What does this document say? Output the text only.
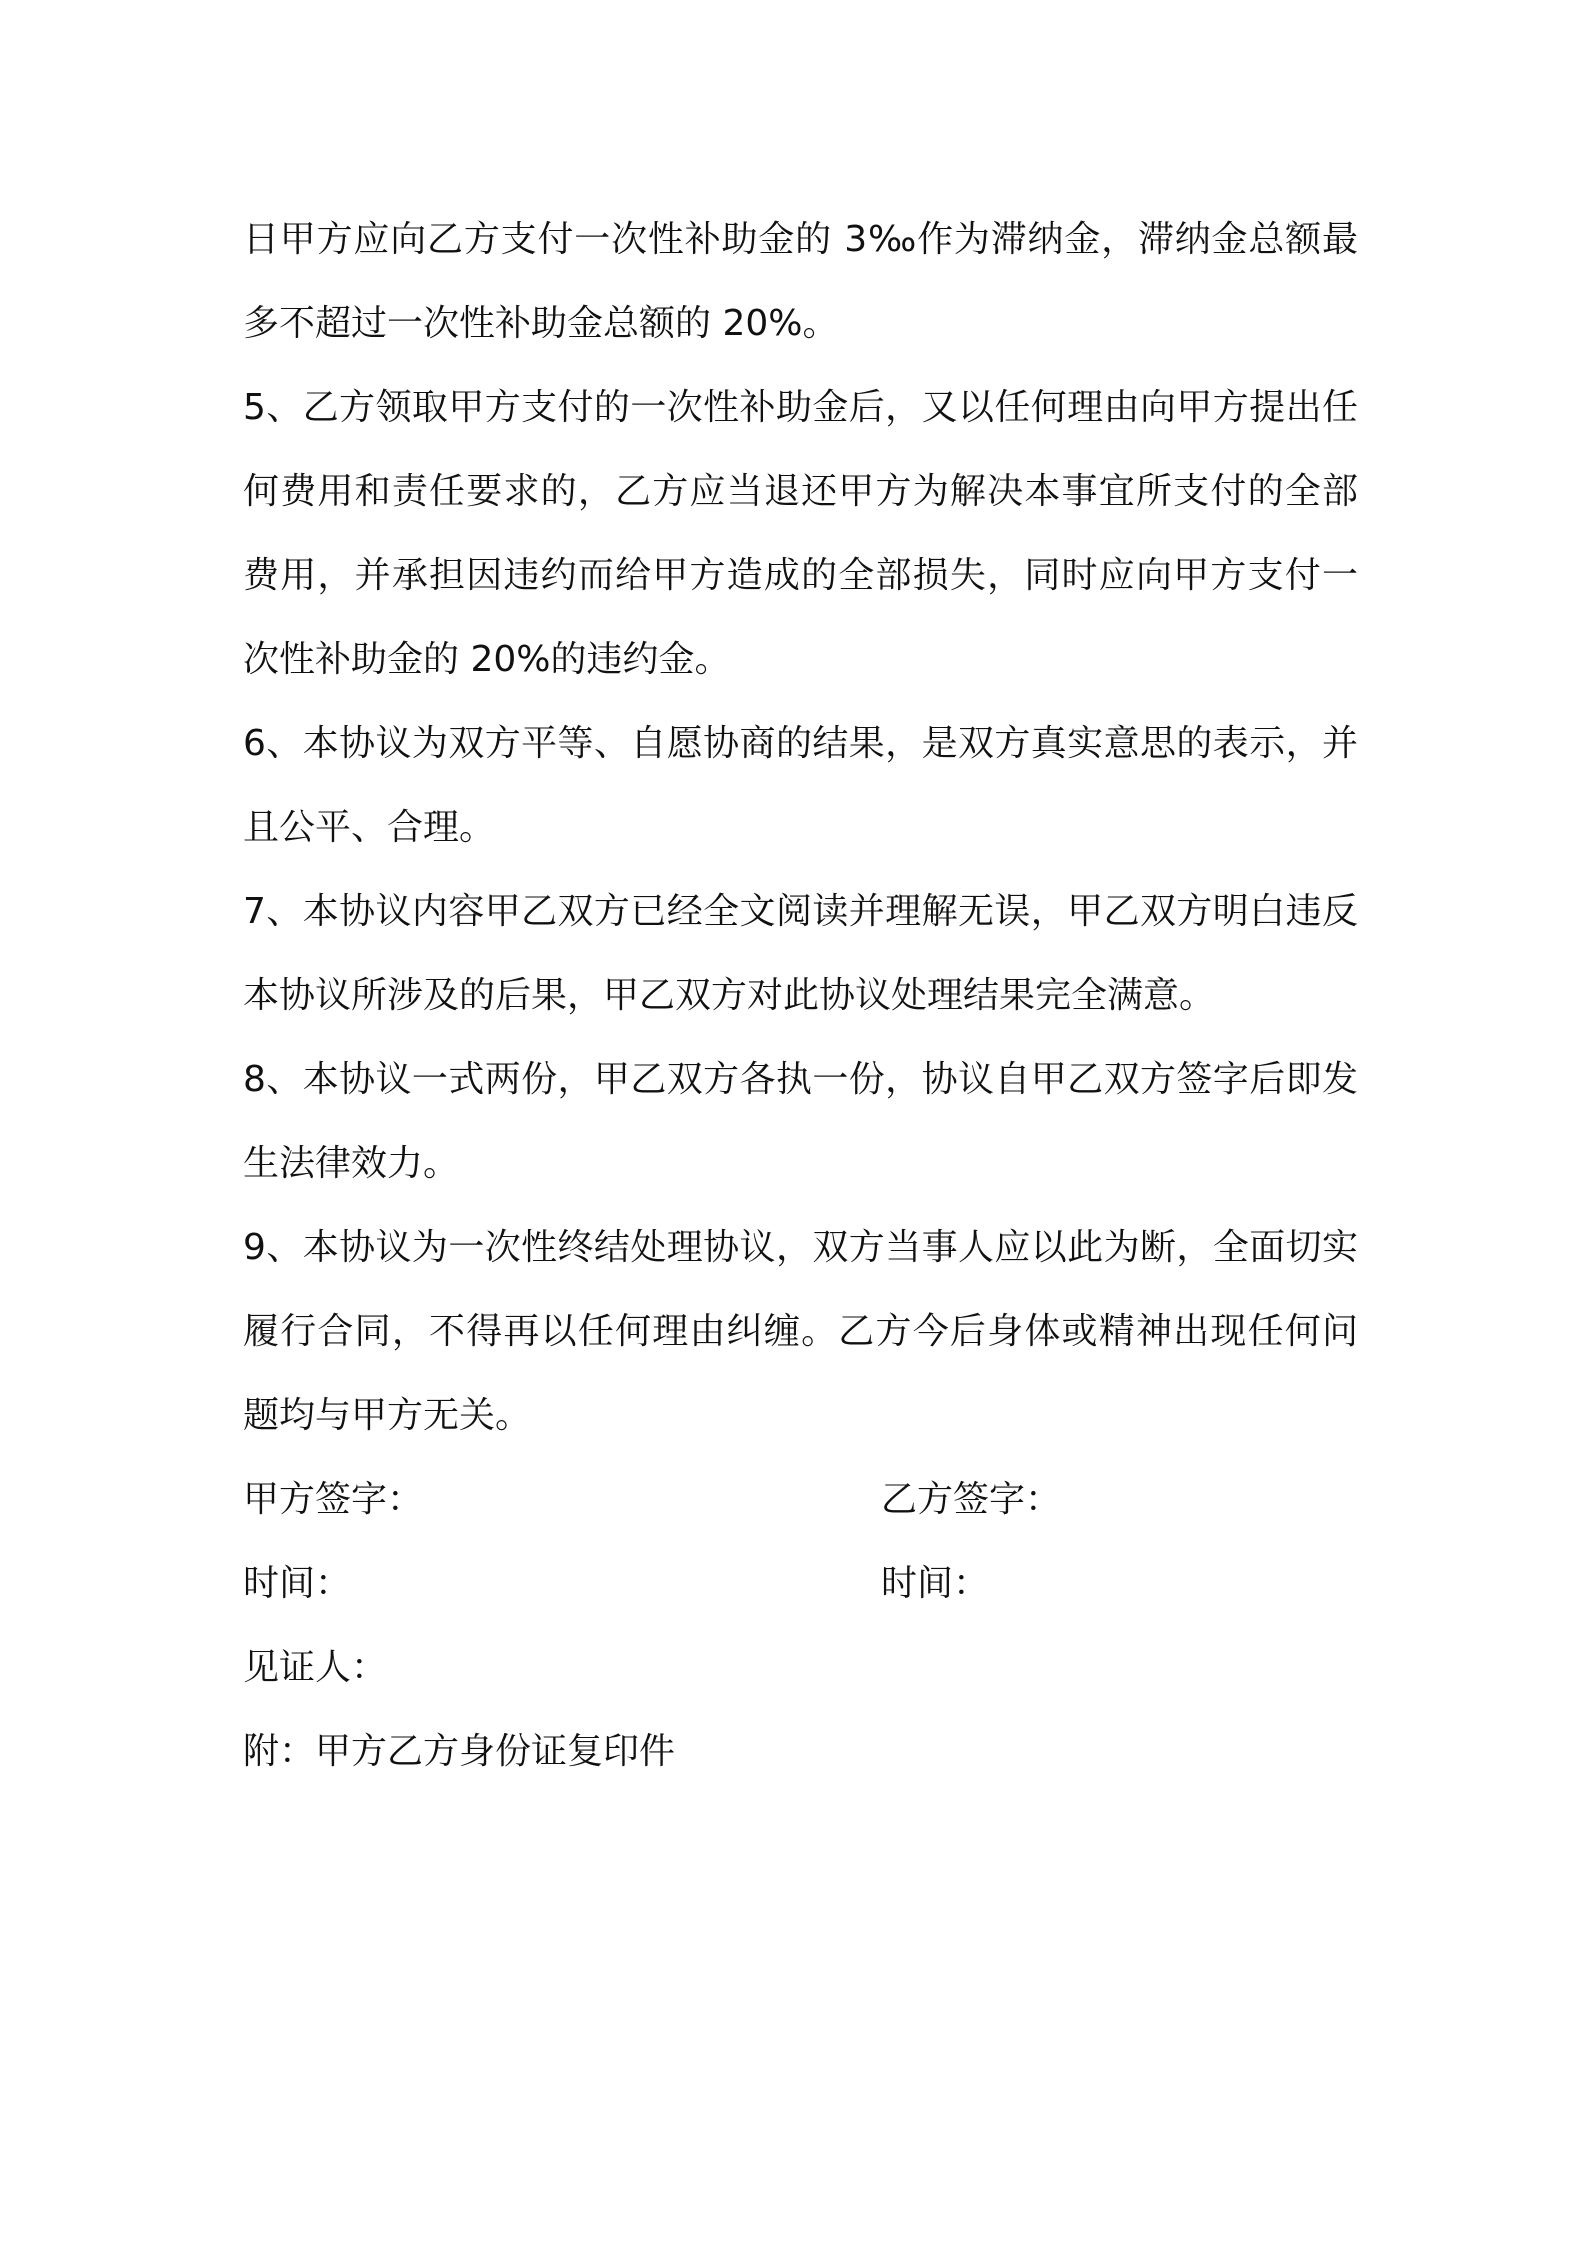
日甲方应向乙方支付一次性补助金的 3‰作为滞纳金，滞纳金总额最多不超过一次性补助金总额的 20%。

5、乙方领取甲方支付的一次性补助金后，又以任何理由向甲方提出任何费用和责任要求的，乙方应当退还甲方为解决本事宜所支付的全部费用，并承担因违约而给甲方造成的全部损失，同时应向甲方支付一次性补助金的 20%的违约金。

6、本协议为双方平等、自愿协商的结果，是双方真实意思的表示，并且公平、合理。

7、本协议内容甲乙双方已经全文阅读并理解无误，甲乙双方明白违反本协议所涉及的后果，甲乙双方对此协议处理结果完全满意。

8、本协议一式两份，甲乙双方各执一份，协议自甲乙双方签字后即发生法律效力。

9、本协议为一次性终结处理协议，双方当事人应以此为断，全面切实履行合同，不得再以任何理由纠缠。乙方今后身体或精神出现任何问题均与甲方无关。

甲方签字：	乙方签字：
时间：	时间：
见证人：
附：甲方乙方身份证复印件
